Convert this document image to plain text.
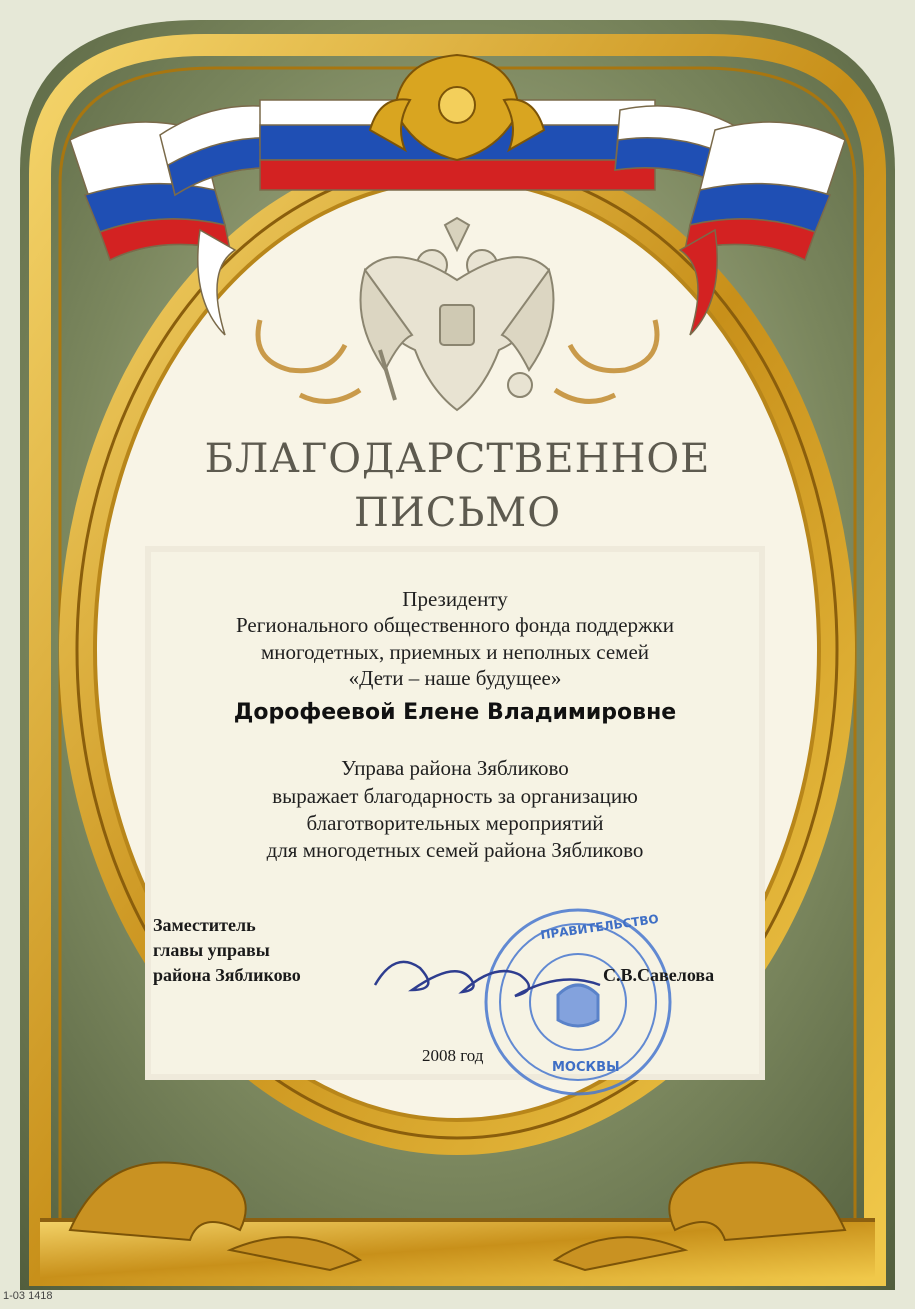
БЛАГОДАРСТВЕННОЕ
ПИСЬМО
Президенту
Регионального общественного фонда поддержки
многодетных, приемных и неполных семей
«Дети – наше будущее»
Дорофеевой Елене Владимировне
Управа района Зябликово
выражает благодарность за организацию
благотворительных мероприятий
для многодетных семей района Зябликово
Заместитель
главы управы
района Зябликово	С.В.Савелова
2008 год
ПРАВИТЕЛЬСТВО
МОСКВЫ
1-03 1418
